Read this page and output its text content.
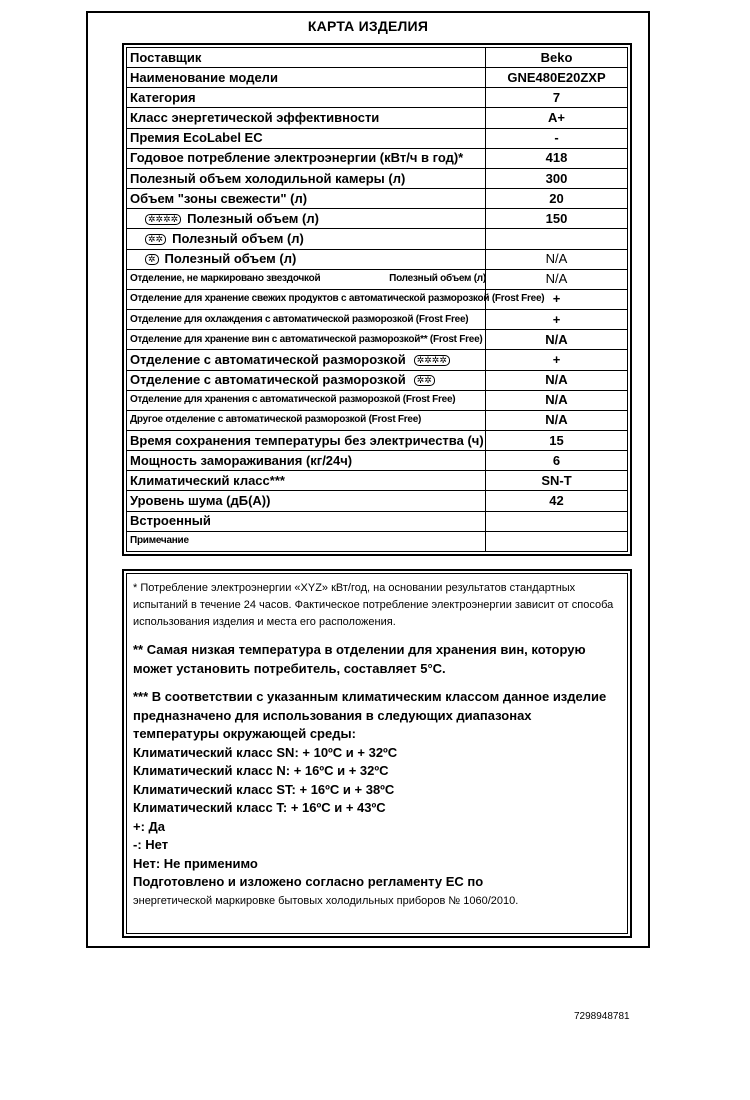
КАРТА ИЗДЕЛИЯ
Поставщик	Beko
Наименование модели	GNE480E20ZXP
Категория	7
Класс энергетической эффективности	A+
Премия EcoLabel EC	-
Годовое потребление электроэнергии (кВт/ч в год)*	418
Полезный объем холодильной камеры (л)	300
Объем "зоны свежести" (л)	20
✲✲✲✲ Полезный объем (л)	150
✲✲ Полезный объем (л)	
✲ Полезный объем (л)	N/A
Отделение, не маркировано звездочкой Полезный объем (л)	N/A
Отделение для хранение свежих продуктов с автоматической разморозкой (Frost Free)	+
Отделение для охлаждения с автоматической разморозкой (Frost Free)	+
Отделение для хранение вин с автоматической разморозкой** (Frost Free)	N/A
Отделение с автоматической разморозкой ✲✲✲✲	+
Отделение с автоматической разморозкой ✲✲	N/A
Отделение для хранения с автоматической разморозкой (Frost Free)	N/A
Другое отделение с автоматической разморозкой (Frost Free)	N/A
Время сохранения температуры без электричества (ч)	15
Мощность замораживания (кг/24ч)	6
Климатический класс***	SN-T
Уровень шума (дБ(A))	42
Встроенный	
Примечание	
* Потребление электроэнергии «XYZ» кВт/год, на основании результатов стандартных испытаний в течение 24 часов. Фактическое потребление электроэнергии зависит от способа использования изделия и места его расположения.
** Самая низкая температура в отделении для хранения вин, которую может установить потребитель, составляет 5°C.
*** В соответствии с указанным климатическим классом данное изделие предназначено для использования в следующих диапазонах температуры окружающей среды:
Климатический класс SN: + 10ºC и + 32ºC
Климатический класс N: + 16ºC и + 32ºC
Климатический класс ST: + 16ºC и + 38ºC
Климатический класс T: + 16ºC и + 43ºC
+: Да
-: Нет
Нет: Не применимо
Подготовлено и изложено согласно регламенту ЕС по
энергетической маркировке бытовых холодильных приборов № 1060/2010.
7298948781
